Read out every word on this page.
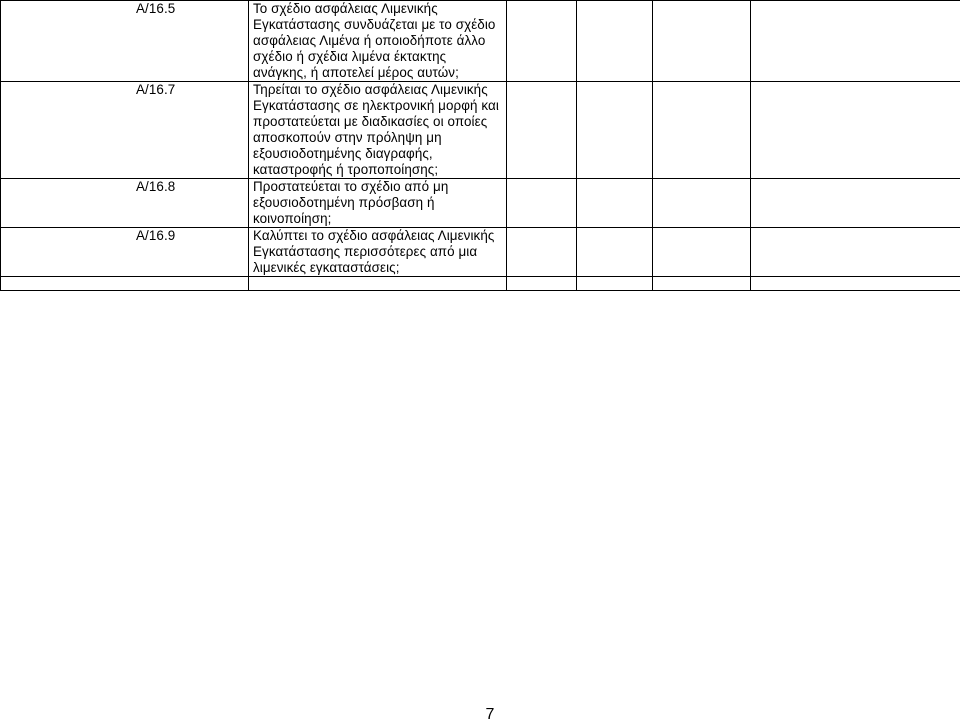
Α/16.5	Το σχέδιο ασφάλειας Λιμενικής Εγκατάστασης συνδυάζεται με το σχέδιο ασφάλειας Λιμένα ή οποιοδήποτε άλλο σχέδιο ή σχέδια λιμένα έκτακτης ανάγκης, ή αποτελεί μέρος αυτών;				
Α/16.7	Τηρείται το σχέδιο ασφάλειας Λιμενικής Εγκατάστασης σε ηλεκτρονική μορφή και προστατεύεται με διαδικασίες οι οποίες αποσκοπούν στην πρόληψη μη εξουσιοδοτημένης διαγραφής, καταστροφής ή τροποποίησης;				
Α/16.8	Προστατεύεται το σχέδιο από μη εξουσιοδοτημένη πρόσβαση ή κοινοποίηση;				
Α/16.9	Καλύπτει το σχέδιο ασφάλειας Λιμενικής Εγκατάστασης περισσότερες από μια λιμενικές εγκαταστάσεις;				

7
